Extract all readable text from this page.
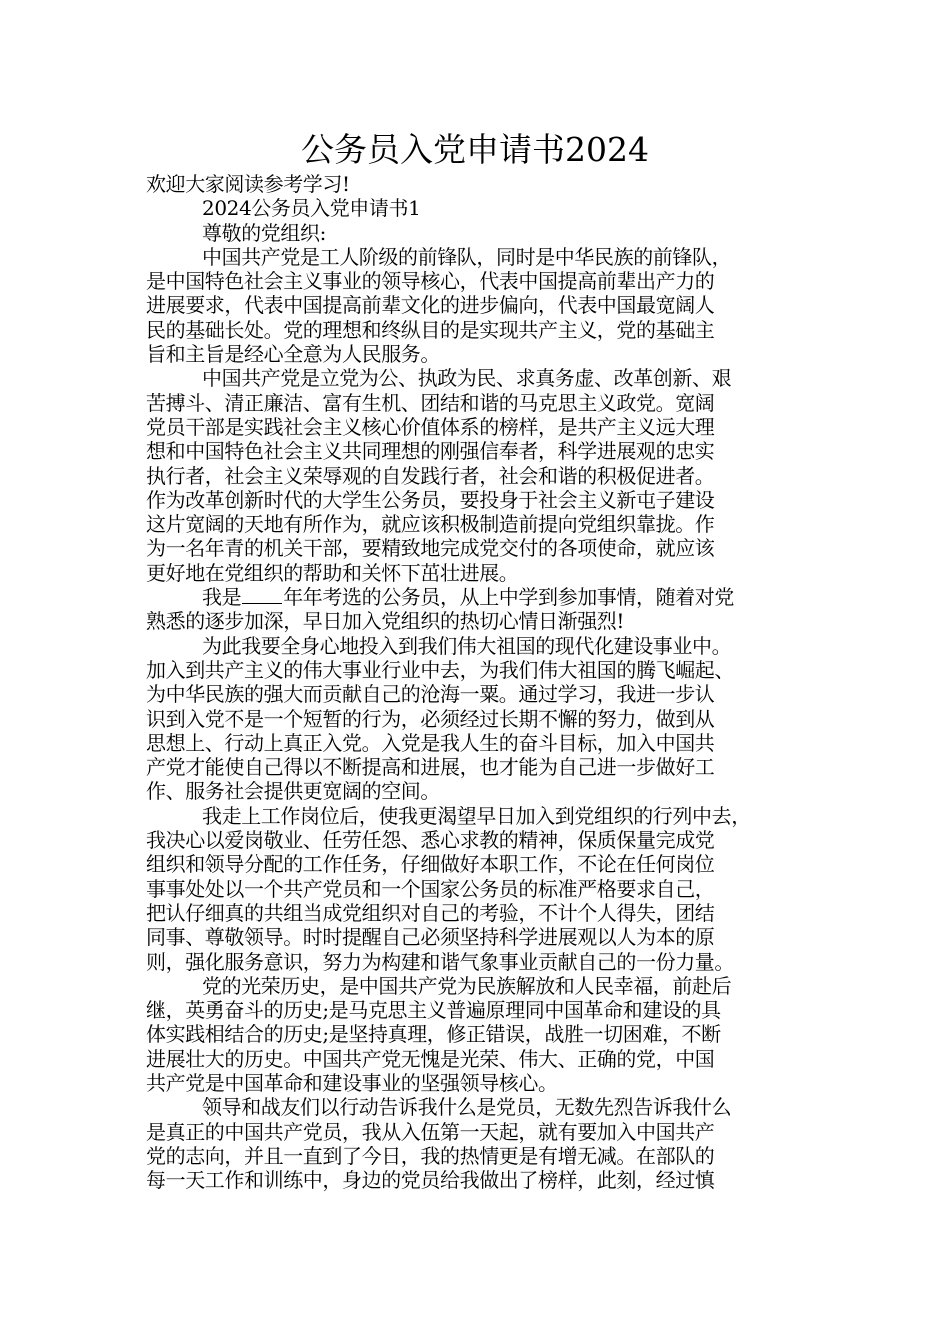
公务员入党申请书2024

欢迎大家阅读参考学习!

2024公务员入党申请书1

尊敬的党组织:

中国共产党是工人阶级的前锋队，同时是中华民族的前锋队，

是中国特色社会主义事业的领导核心，代表中国提高前辈出产力的

进展要求，代表中国提高前辈文化的进步偏向，代表中国最宽阔人

民的基础长处。党的理想和终纵目的是实现共产主义，党的基础主

旨和主旨是经心全意为人民服务。

中国共产党是立党为公、执政为民、求真务虚、改革创新、艰

苦搏斗、清正廉洁、富有生机、团结和谐的马克思主义政党。宽阔

党员干部是实践社会主义核心价值体系的榜样，是共产主义远大理

想和中国特色社会主义共同理想的刚强信奉者，科学进展观的忠实

执行者，社会主义荣辱观的自发践行者，社会和谐的积极促进者。

作为改革创新时代的大学生公务员，要投身于社会主义新屯子建设

这片宽阔的天地有所作为，就应该积极制造前提向党组织靠拢。作

为一名年青的机关干部，要精致地完成党交付的各项使命，就应该

更好地在党组织的帮助和关怀下茁壮进展。

我是 年年考选的公务员，从上中学到参加事情，随着对党

熟悉的逐步加深，早日加入党组织的热切心情日渐强烈!

为此我要全身心地投入到我们伟大祖国的现代化建设事业中。

加入到共产主义的伟大事业行业中去，为我们伟大祖国的腾飞崛起、

为中华民族的强大而贡献自己的沧海一粟。通过学习，我进一步认

识到入党不是一个短暂的行为，必须经过长期不懈的努力，做到从

思想上、行动上真正入党。入党是我人生的奋斗目标，加入中国共

产党才能使自己得以不断提高和进展，也才能为自己进一步做好工

作、服务社会提供更宽阔的空间。

我走上工作岗位后，使我更渴望早日加入到党组织的行列中去，

我决心以爱岗敬业、任劳任怨、悉心求教的精神，保质保量完成党

组织和领导分配的工作任务，仔细做好本职工作，不论在任何岗位

事事处处以一个共产党员和一个国家公务员的标准严格要求自己，

把认仔细真的共组当成党组织对自己的考验，不计个人得失，团结

同事、尊敬领导。时时提醒自己必须坚持科学进展观以人为本的原

则，强化服务意识，努力为构建和谐气象事业贡献自己的一份力量。

党的光荣历史，是中国共产党为民族解放和人民幸福，前赴后

继，英勇奋斗的历史;是马克思主义普遍原理同中国革命和建设的具

体实践相结合的历史;是坚持真理，修正错误，战胜一切困难，不断

进展壮大的历史。中国共产党无愧是光荣、伟大、正确的党，中国

共产党是中国革命和建设事业的坚强领导核心。

领导和战友们以行动告诉我什么是党员，无数先烈告诉我什么

是真正的中国共产党员，我从入伍第一天起，就有要加入中国共产

党的志向，并且一直到了今日，我的热情更是有增无减。在部队的

每一天工作和训练中，身边的党员给我做出了榜样，此刻，经过慎
